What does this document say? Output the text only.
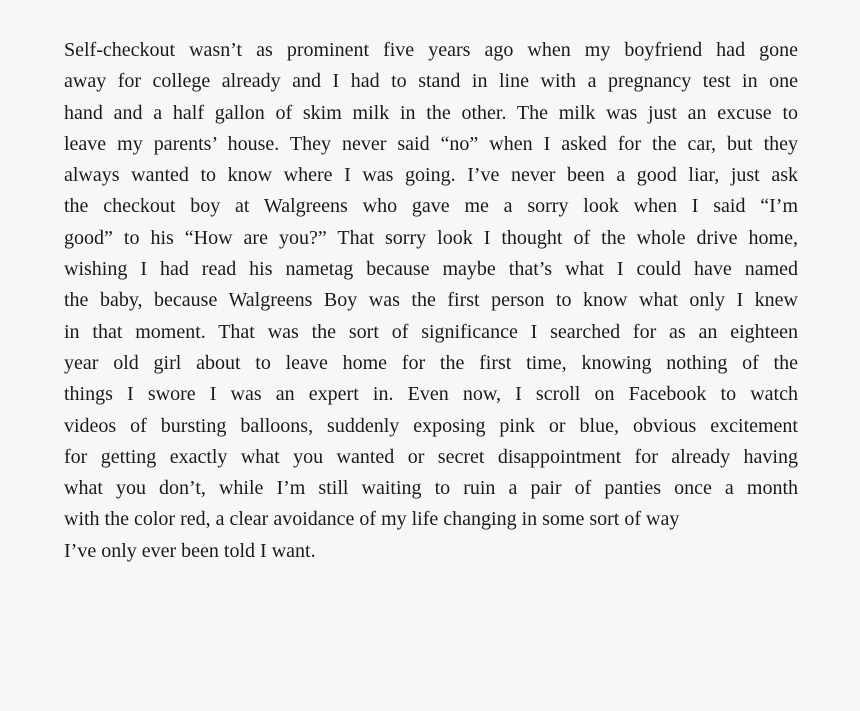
Self-checkout wasn’t as prominent five years ago when my boyfriend had gone
away for college already and I had to stand in line with a pregnancy test in one
hand and a half gallon of skim milk in the other. The milk was just an excuse to
leave my parents’ house. They never said “no” when I asked for the car, but they
always wanted to know where I was going. I’ve never been a good liar, just ask
the checkout boy at Walgreens who gave me a sorry look when I said “I’m
good” to his “How are you?” That sorry look I thought of the whole drive home,
wishing I had read his nametag because maybe that’s what I could have named
the baby, because Walgreens Boy was the first person to know what only I knew
in that moment. That was the sort of significance I searched for as an eighteen
year old girl about to leave home for the first time, knowing nothing of the
things I swore I was an expert in. Even now, I scroll on Facebook to watch
videos of bursting balloons, suddenly exposing pink or blue, obvious excitement
for getting exactly what you wanted or secret disappointment for already having
what you don’t, while I’m still waiting to ruin a pair of panties once a month
with the color red, a clear avoidance of my life changing in some sort of way
I’ve only ever been told I want.
